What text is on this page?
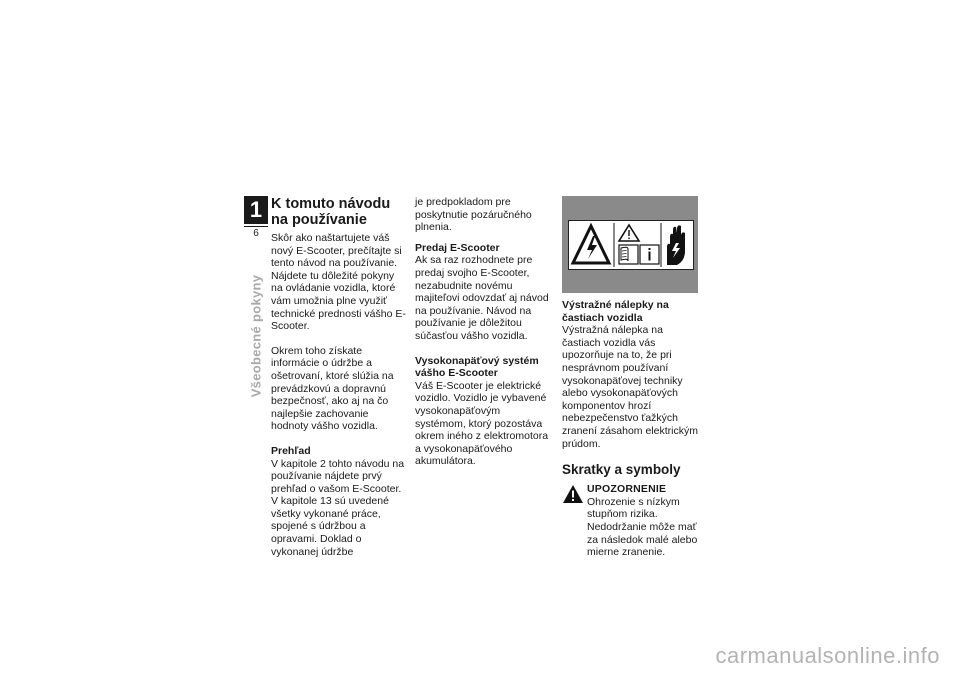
1
6
Všeobecné pokyny
K tomuto návodu na používanie

Skôr ako naštartujete váš nový E-Scooter, prečítajte si tento návod na používanie. Nájdete tu dôležité pokyny na ovládanie vozidla, ktoré vám umožnia plne využiť technické prednosti vášho E-Scooter.

Okrem toho získate informácie o údržbe a ošetrovaní, ktoré slúžia na prevádzkovú a dopravnú bezpečnosť, ako aj na čo najlepšie zachovanie hodnoty vášho vozidla.

Prehľad

V kapitole 2 tohto návodu na používanie nájdete prvý prehľad o vašom E-Scooter. V kapitole 13 sú uvedené všetky vykonané práce, spojené s údržbou a opravami. Doklad o vykonanej údržbe

je predpokladom pre poskytnutie pozáručného plnenia.

Predaj E-Scooter

Ak sa raz rozhodnete pre predaj svojho E-Scooter, nezabudnite novému majiteľovi odovzdať aj návod na používanie. Návod na používanie je dôležitou súčasťou vášho vozidla.

Vysokonapäťový systém vášho E-Scooter

Váš E-Scooter je elektrické vozidlo. Vozidlo je vybavené vysokonapäťovým systémom, ktorý pozostáva okrem iného z elektromotora a vysokonapäťového akumulátora.

Výstražné nálepky na častiach vozidla

Výstražná nálepka na častiach vozidla vás upozorňuje na to, že pri nesprávnom používaní vysokonapäťovej techniky alebo vysokonapäťových komponentov hrozí nebezpečenstvo ťažkých zranení zásahom elektrickým prúdom.

Skratky a symboly

UPOZORNENIE Ohrozenie s nízkym stupňom rizika. Nedodržanie môže mať za následok malé alebo mierne zranenie.

carmanualsonline.info
